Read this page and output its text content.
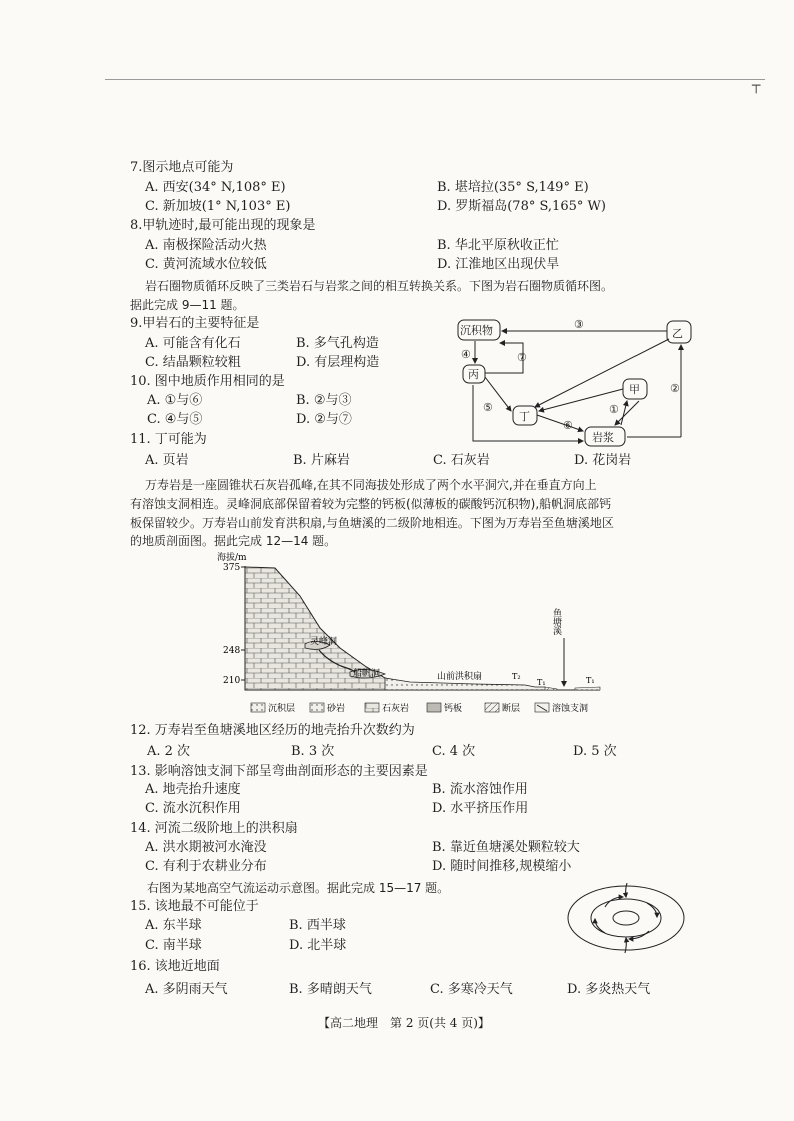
┬
7.图示地点可能为
A. 西安(34° N,108° E)	B. 堪培拉(35° S,149° E)
C. 新加坡(1° N,103° E)	D. 罗斯福岛(78° S,165° W)
8.甲轨迹时,最可能出现的现象是
A. 南极探险活动火热	B. 华北平原秋收正忙
C. 黄河流域水位较低	D. 江淮地区出现伏旱
岩石圈物质循环反映了三类岩石与岩浆之间的相互转换关系。下图为岩石圈物质循环图。
据此完成 9—11 题。
9.甲岩石的主要特征是
A. 可能含有化石	B. 多气孔构造
C. 结晶颗粒较粗	D. 有层理构造
10. 图中地质作用相同的是
A. ①与⑥	B. ②与③
C. ④与⑤	D. ②与⑦
11. 丁可能为
A. 页岩	B. 片麻岩	C. 石灰岩	D. 花岗岩
沉积物	乙
丙
甲
丁
岩浆
③
④	⑦
⑤
⑥
①
②
万寿岩是一座圆锥状石灰岩孤峰,在其不同海拔处形成了两个水平洞穴,并在垂直方向上
有溶蚀支洞相连。灵峰洞底部保留着较为完整的钙板(似薄板的碳酸钙沉积物),船帆洞底部钙
板保留较少。万寿岩山前发育洪积扇,与鱼塘溪的二级阶地相连。下图为万寿岩至鱼塘溪地区
的地质剖面图。据此完成 12—14 题。
海拔/m
375
248
210
灵峰洞
船帆洞	山前洪积扇	T₂
T₁	T₁
鱼塘溪
沉积层	砂岩	石灰岩	钙板	断层	溶蚀支洞
12. 万寿岩至鱼塘溪地区经历的地壳抬升次数约为
A. 2 次	B. 3 次	C. 4 次	D. 5 次
13. 影响溶蚀支洞下部呈弯曲剖面形态的主要因素是
A. 地壳抬升速度	B. 流水溶蚀作用
C. 流水沉积作用	D. 水平挤压作用
14. 河流二级阶地上的洪积扇
A. 洪水期被河水淹没	B. 靠近鱼塘溪处颗粒较大
C. 有利于农耕业分布	D. 随时间推移,规模缩小
右图为某地高空气流运动示意图。据此完成 15—17 题。
15. 该地最不可能位于
A. 东半球	B. 西半球
C. 南半球	D. 北半球
16. 该地近地面
A. 多阴雨天气	B. 多晴朗天气	C. 多寒冷天气	D. 多炎热天气
【高二地理　第 2 页(共 4 页)】
